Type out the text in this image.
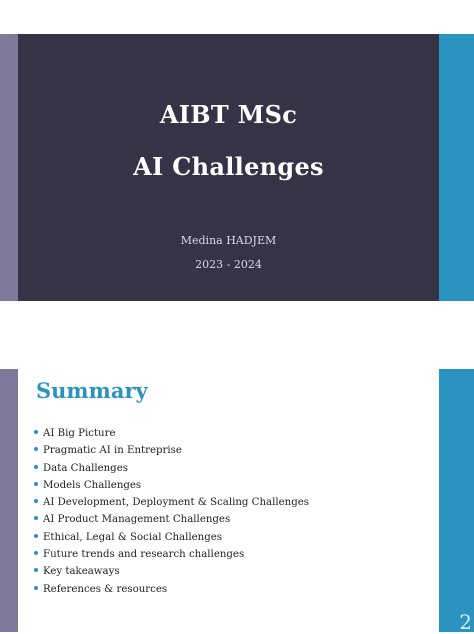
AIBT MSc
AI Challenges
Medina HADJEM
2023 - 2024
Summary
AI Big Picture
Pragmatic AI in Entreprise
Data Challenges
Models Challenges
AI Development, Deployment & Scaling Challenges
AI Product Management Challenges
Ethical, Legal & Social Challenges
Future trends and research challenges
Key takeaways
References & resources
2
